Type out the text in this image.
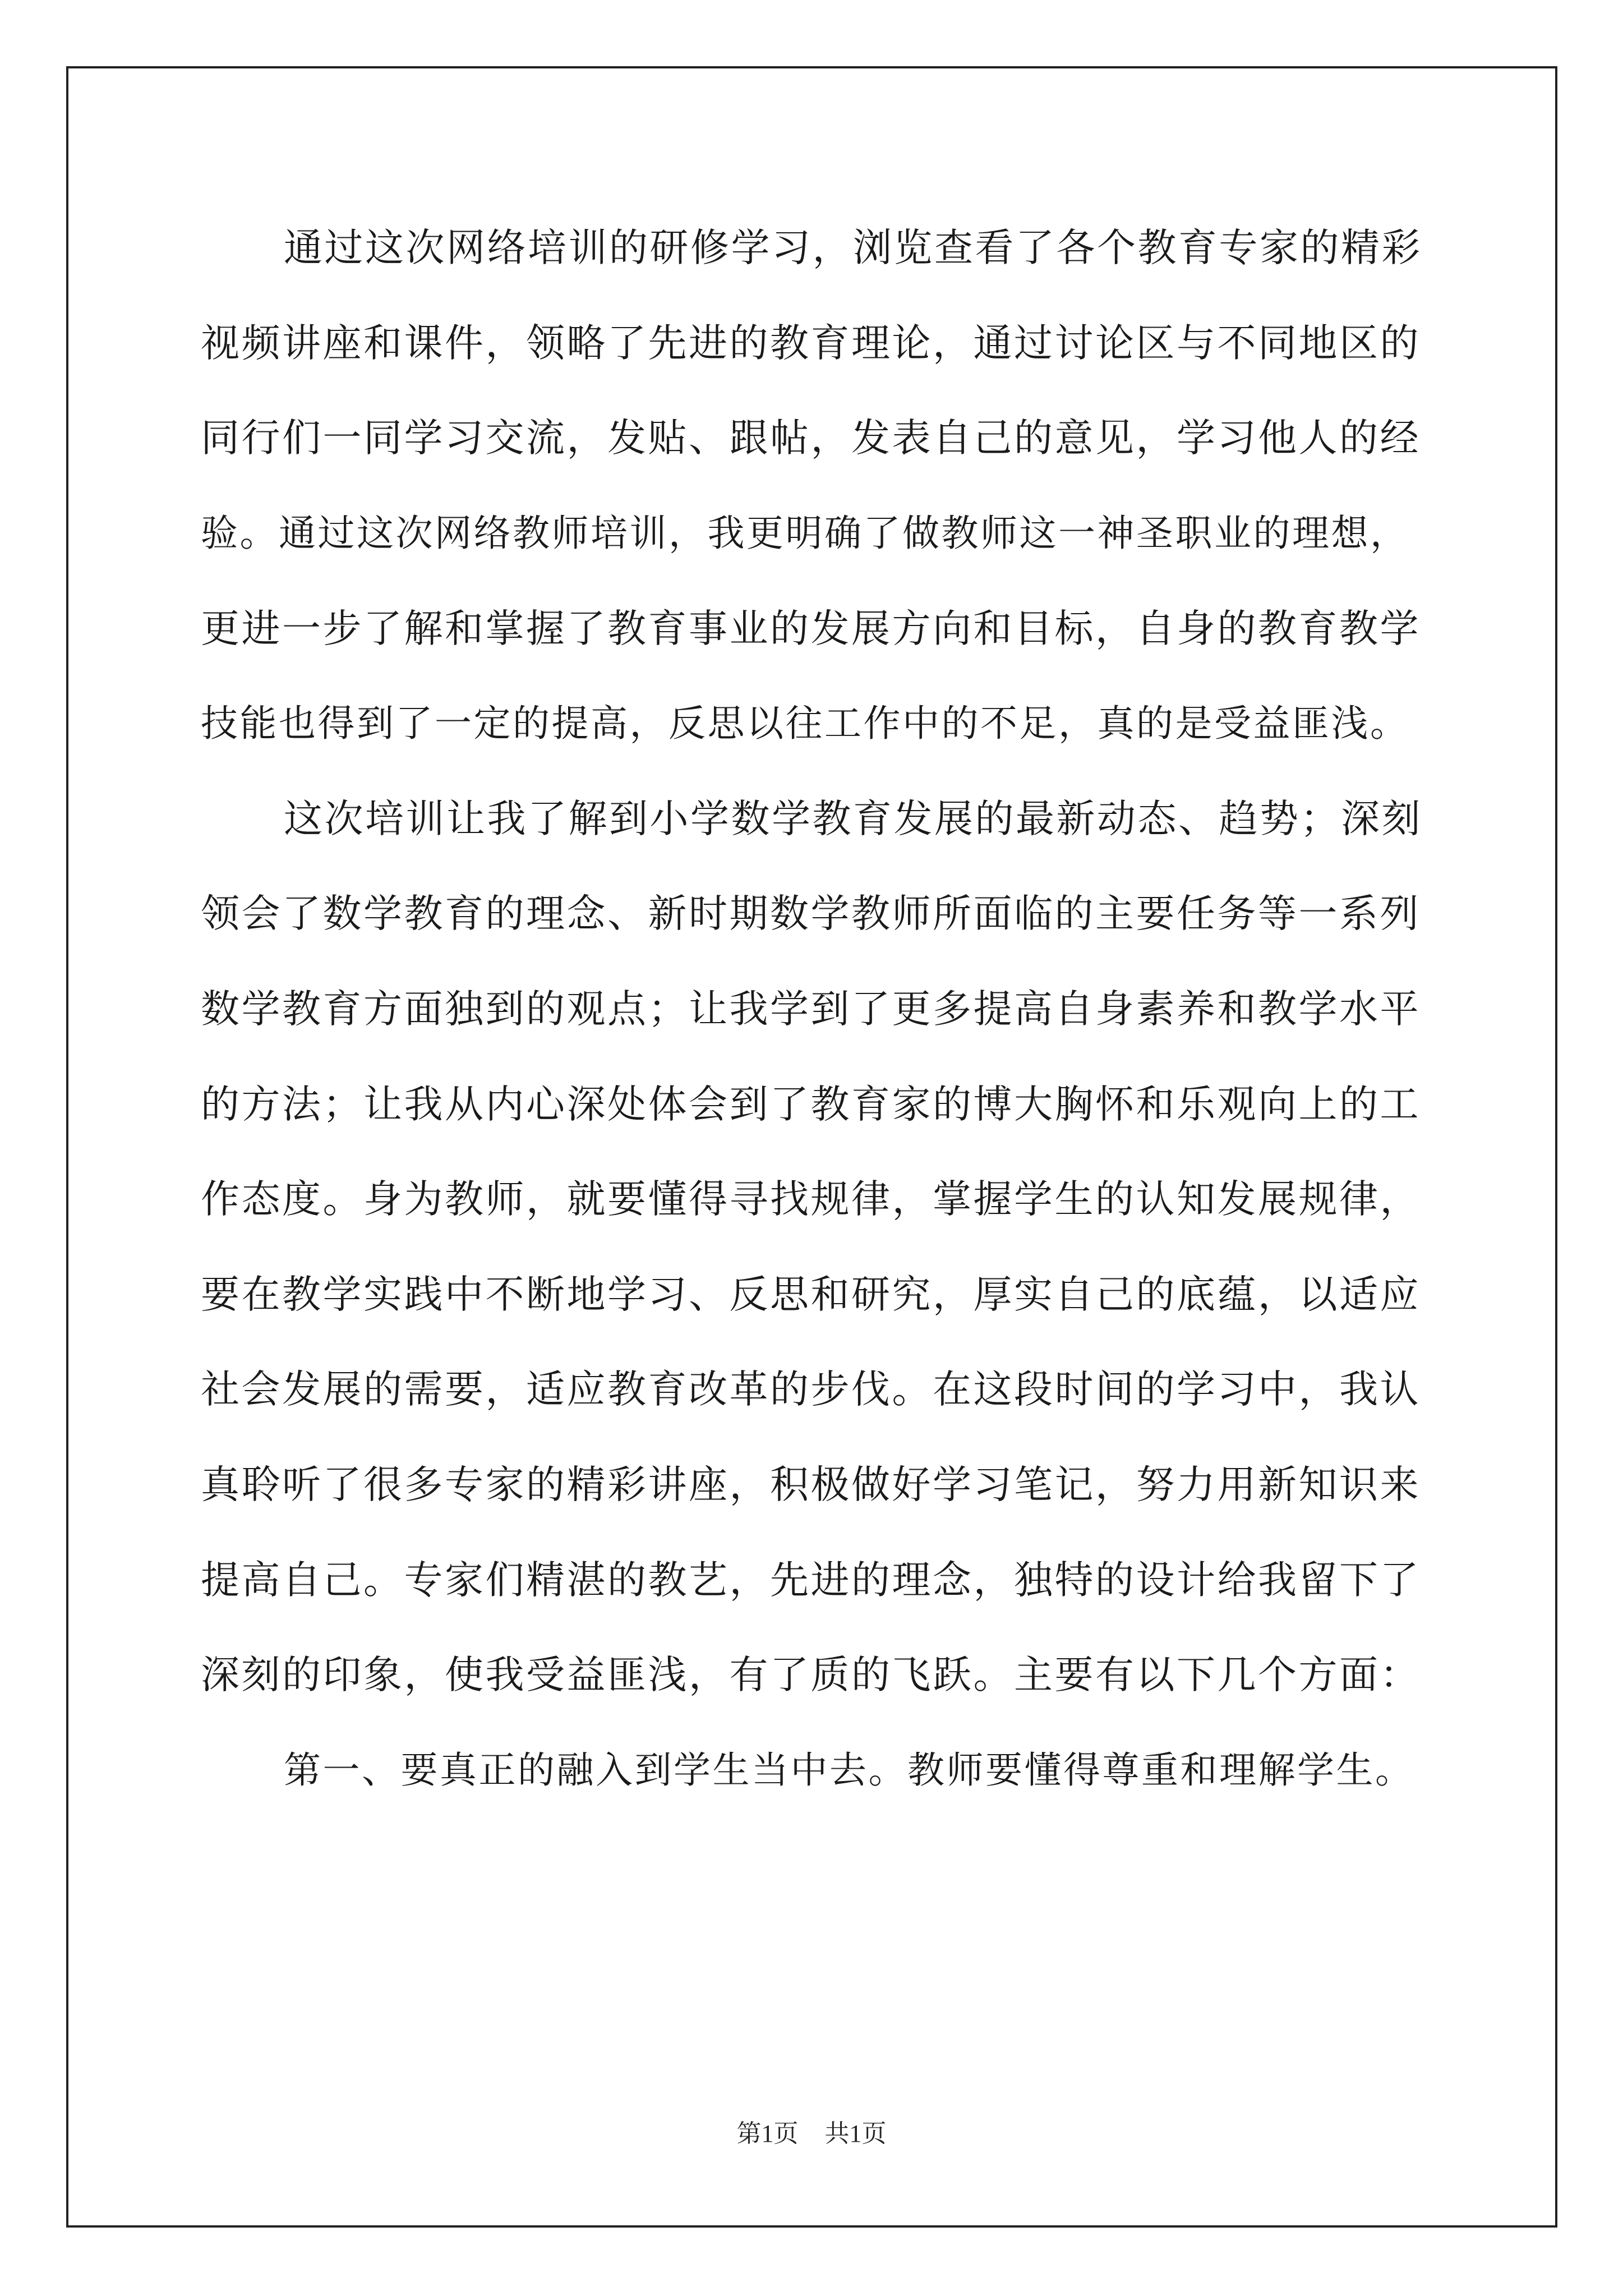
通过这次网络培训的研修学习，浏览查看了各个教育专家的精彩

视频讲座和课件，领略了先进的教育理论，通过讨论区与不同地区的

同行们一同学习交流，发贴、跟帖，发表自己的意见，学习他人的经

验。通过这次网络教师培训，我更明确了做教师这一神圣职业的理想，

更进一步了解和掌握了教育事业的发展方向和目标，自身的教育教学

技能也得到了一定的提高，反思以往工作中的不足，真的是受益匪浅。

这次培训让我了解到小学数学教育发展的最新动态、趋势；深刻

领会了数学教育的理念、新时期数学教师所面临的主要任务等一系列

数学教育方面独到的观点；让我学到了更多提高自身素养和教学水平

的方法；让我从内心深处体会到了教育家的博大胸怀和乐观向上的工

作态度。身为教师，就要懂得寻找规律，掌握学生的认知发展规律，

要在教学实践中不断地学习、反思和研究，厚实自己的底蕴，以适应

社会发展的需要，适应教育改革的步伐。在这段时间的学习中，我认

真聆听了很多专家的精彩讲座，积极做好学习笔记，努力用新知识来

提高自己。专家们精湛的教艺，先进的理念，独特的设计给我留下了

深刻的印象，使我受益匪浅，有了质的飞跃。主要有以下几个方面：

第一、要真正的融入到学生当中去。教师要懂得尊重和理解学生。

第1页 共1页
